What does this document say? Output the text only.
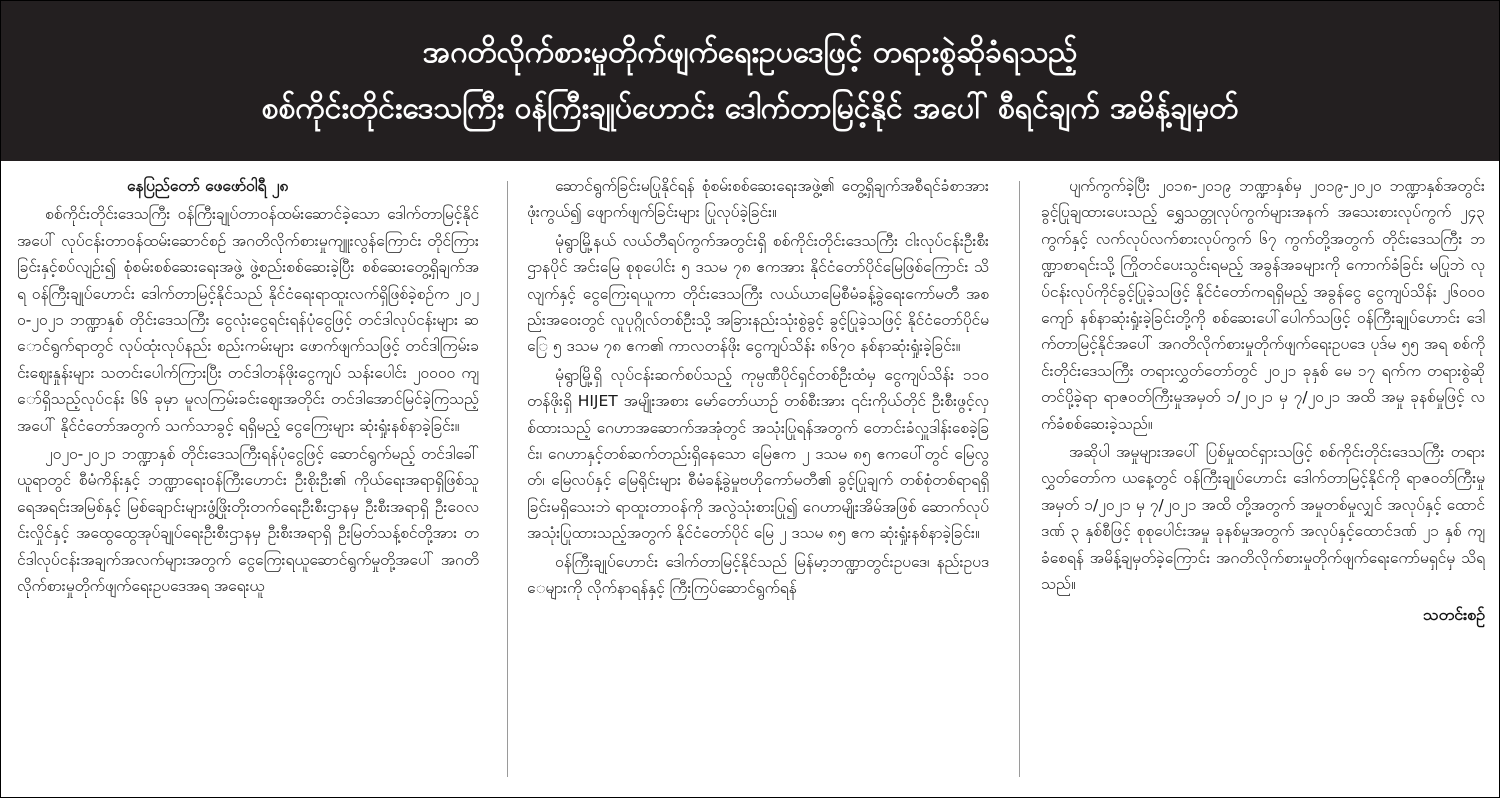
အဂတိလိုက်စားမှုတိုက်ဖျက်ရေးဥပဒေဖြင့် တရားစွဲဆိုခံရသည့်
စစ်ကိုင်းတိုင်းဒေသကြီး ဝန်ကြီးချုပ်ဟောင်း ဒေါက်တာမြင့်နိုင် အပေါ် စီရင်ချက် အမိန့်ချမှတ်

နေပြည်တော် ဖေဖော်ဝါရီ ၂၈

စစ်ကိုင်းတိုင်းဒေသကြီး ဝန်ကြီးချုပ်တာဝန်ထမ်းဆောင်ခဲ့သော ဒေါက်တာမြင့်နိုင်အပေါ် လုပ်ငန်းတာဝန်ထမ်းဆောင်စဉ် အဂတိလိုက်စားမှုကျူးလွန်ကြောင်း တိုင်ကြားခြင်းနှင့်စပ်လျဉ်း၍ စုံစမ်းစစ်ဆေးရေးအဖွဲ့ ဖွဲ့စည်းစစ်ဆေးခဲ့ပြီး စစ်ဆေးတွေ့ရှိချက်အရ ဝန်ကြီးချုပ်ဟောင်း ဒေါက်တာမြင့်နိုင်သည် နိုင်ငံရေးရာထူးလက်ရှိဖြစ်ခဲ့စဉ်က ၂၀၂၀-၂၀၂၁ ဘဏ္ဍာနှစ် တိုင်းဒေသကြီး ငွေလုံးငွေရင်းရန်ပုံငွေဖြင့် တင်ဒါလုပ်ငန်းများ ဆောင်ရွက်ရာတွင် လုပ်ထုံးလုပ်နည်း စည်းကမ်းများ ဖောက်ဖျက်သဖြင့် တင်ဒါကြမ်းခင်းဈေးနှုန်းများ သတင်းပေါက်ကြားပြီး တင်ဒါတန်ဖိုးငွေကျပ် သန်းပေါင်း ၂၀၀၀၀ ကျော်ရှိသည့်လုပ်ငန်း ၆၆ ခုမှာ မူလကြမ်းခင်းဈေးအတိုင်း တင်ဒါအောင်မြင်ခဲ့ကြသည့်အပေါ် နိုင်ငံတော်အတွက် သက်သာခွင့် ရရှိမည့် ငွေကြေးများ ဆုံးရှုံးနစ်နာခဲ့ခြင်း။

၂၀၂၀-၂၀၂၁ ဘဏ္ဍာနှစ် တိုင်းဒေသကြီးရန်ပုံငွေဖြင့် ဆောင်ရွက်မည့် တင်ဒါခေါ်ယူရာတွင် စီမံကိန်းနှင့် ဘဏ္ဍာရေးဝန်ကြီးဟောင်း ဦးစိုးဦး၏ ကိုယ်ရေးအရာရှိဖြစ်သူ ရေအရင်းအမြစ်နှင့် မြစ်ချောင်းများဖွံ့ဖြိုးတိုးတက်ရေးဦးစီးဌာနမှ ဦးစီးအရာရှိ ဦးဝေလင်းလှိုင်နှင့် အထွေထွေအုပ်ချုပ်ရေးဦးစီးဌာနမှ ဦးစီးအရာရှိ ဦးမြတ်သန့်စင်တို့အား တင်ဒါလုပ်ငန်းအချက်အလက်များအတွက် ငွေကြေးရယူဆောင်ရွက်မှုတို့အပေါ် အဂတိလိုက်စားမှုတိုက်ဖျက်ရေးဥပဒေအရ အရေးယူ

ဆောင်ရွက်ခြင်းမပြုနိုင်ရန် စုံစမ်းစစ်ဆေးရေးအဖွဲ့၏ တွေ့ရှိချက်အစီရင်ခံစာအား ဖုံးကွယ်၍ ဖျောက်ဖျက်ခြင်းများ ပြုလုပ်ခဲ့ခြင်း။

မုံရွာမြို့နယ် လယ်တီရပ်ကွက်အတွင်းရှိ စစ်ကိုင်းတိုင်းဒေသကြီး ငါးလုပ်ငန်းဦးစီးဌာနပိုင် အင်းမြေ စုစုပေါင်း ၅ ဒသမ ၇၈ ဧကအား နိုင်ငံတော်ပိုင်မြေဖြစ်ကြောင်း သိလျက်နှင့် ငွေကြေးရယူကာ တိုင်းဒေသကြီး လယ်ယာမြေစီမံခန့်ခွဲရေးကော်မတီ အစည်းအဝေးတွင် လူပုဂ္ဂိုလ်တစ်ဦးသို့ အခြားနည်းသုံးစွဲခွင့် ခွင့်ပြုခဲ့သဖြင့် နိုင်ငံတော်ပိုင်မြေ ၅ ဒသမ ၇၈ ဧက၏ ကာလတန်ဖိုး ငွေကျပ်သိန်း ၈၆၇၀ နစ်နာဆုံးရှုံးခဲ့ခြင်း။

မုံရွာမြို့ရှိ လုပ်ငန်းဆက်စပ်သည့် ကုမ္ပဏီပိုင်ရှင်တစ်ဦးထံမှ ငွေကျပ်သိန်း ၁၁၀ တန်ဖိုးရှိ HIJET အမျိုးအစား မော်တော်ယာဉ် တစ်စီးအား ၎င်းကိုယ်တိုင် ဦးစီးဖွင့်လှစ်ထားသည့် ဂေဟာအဆောက်အအုံတွင် အသုံးပြုရန်အတွက် တောင်းခံလှူဒါန်းစေခဲ့ခြင်း၊ ဂေဟာနှင့်တစ်ဆက်တည်းရှိနေသော မြေဧက ၂ ဒသမ ၈၅ ဧကပေါ်တွင် မြေလွတ်၊ မြေလပ်နှင့် မြေရိုင်းများ စီမံခန့်ခွဲမှုဗဟိုကော်မတီ၏ ခွင့်ပြုချက် တစ်စုံတစ်ရာရရှိခြင်းမရှိသေးဘဲ ရာထူးတာဝန်ကို အလွဲသုံးစားပြု၍ ဂေဟာမျိုးအိမ်အဖြစ် ဆောက်လုပ်အသုံးပြုထားသည့်အတွက် နိုင်ငံတော်ပိုင် မြေ ၂ ဒသမ ၈၅ ဧက ဆုံးရှုံးနစ်နာခဲ့ခြင်း။

ဝန်ကြီးချုပ်ဟောင်း ဒေါက်တာမြင့်နိုင်သည် မြန်မာ့ဘဏ္ဍာတွင်းဥပဒေ၊ နည်းဥပဒေများကို လိုက်နာရန်နှင့် ကြီးကြပ်ဆောင်ရွက်ရန်

ပျက်ကွက်ခဲ့ပြီး ၂၀၁၈-၂၀၁၉ ဘဏ္ဍာနှစ်မှ ၂၀၁၉-၂၀၂၀ ဘဏ္ဍာနှစ်အတွင်း ခွင့်ပြုချထားပေးသည့် ရွှေသတ္တုလုပ်ကွက်များအနက် အသေးစားလုပ်ကွက် ၂၄၃ ကွက်နှင့် လက်လုပ်လက်စားလုပ်ကွက် ၆၇ ကွက်တို့အတွက် တိုင်းဒေသကြီး ဘဏ္ဍာစာရင်းသို့ ကြိုတင်ပေးသွင်းရမည့် အခွန်အခများကို ကောက်ခံခြင်း မပြုဘဲ လုပ်ငန်းလုပ်ကိုင်ခွင့်ပြုခဲ့သဖြင့် နိုင်ငံတော်ကရရှိမည့် အခွန်ငွေ ငွေကျပ်သိန်း ၂၆၀၀၀ ကျော် နစ်နာဆုံးရှုံးခဲ့ခြင်းတို့ကို စစ်ဆေးပေါ်ပေါက်သဖြင့် ဝန်ကြီးချုပ်ဟောင်း ဒေါက်တာမြင့်နိုင်အပေါ် အဂတိလိုက်စားမှုတိုက်ဖျက်ရေးဥပဒေ ပုဒ်မ ၅၅ အရ စစ်ကိုင်းတိုင်းဒေသကြီး တရားလွှတ်တော်တွင် ၂၀၂၁ ခုနှစ် မေ ၁၇ ရက်က တရားစွဲဆိုတင်ပို့ခဲ့ရာ ရာဇဝတ်ကြီးမှုအမှတ် ၁/၂၀၂၁ မှ ၇/၂၀၂၁ အထိ အမှု ခုနစ်မှုဖြင့် လက်ခံစစ်ဆေးခဲ့သည်။

အဆိုပါ အမှုများအပေါ် ပြစ်မှုထင်ရှားသဖြင့် စစ်ကိုင်းတိုင်းဒေသကြီး တရားလွှတ်တော်က ယနေ့တွင် ဝန်ကြီးချုပ်ဟောင်း ဒေါက်တာမြင့်နိုင်ကို ရာဇဝတ်ကြီးမှုအမှတ် ၁/၂၀၂၁ မှ ၇/၂၀၂၁ အထိ တို့အတွက် အမှုတစ်မှုလျှင် အလုပ်နှင့် ထောင်ဒဏ် ၃ နှစ်စီဖြင့် စုစုပေါင်းအမှု ခုနစ်မှုအတွက် အလုပ်နှင့်ထောင်ဒဏ် ၂၁ နှစ် ကျခံစေရန် အမိန့်ချမှတ်ခဲ့ကြောင်း အဂတိလိုက်စားမှုတိုက်ဖျက်ရေးကော်မရှင်မှ သိရသည်။

သတင်းစဉ်
